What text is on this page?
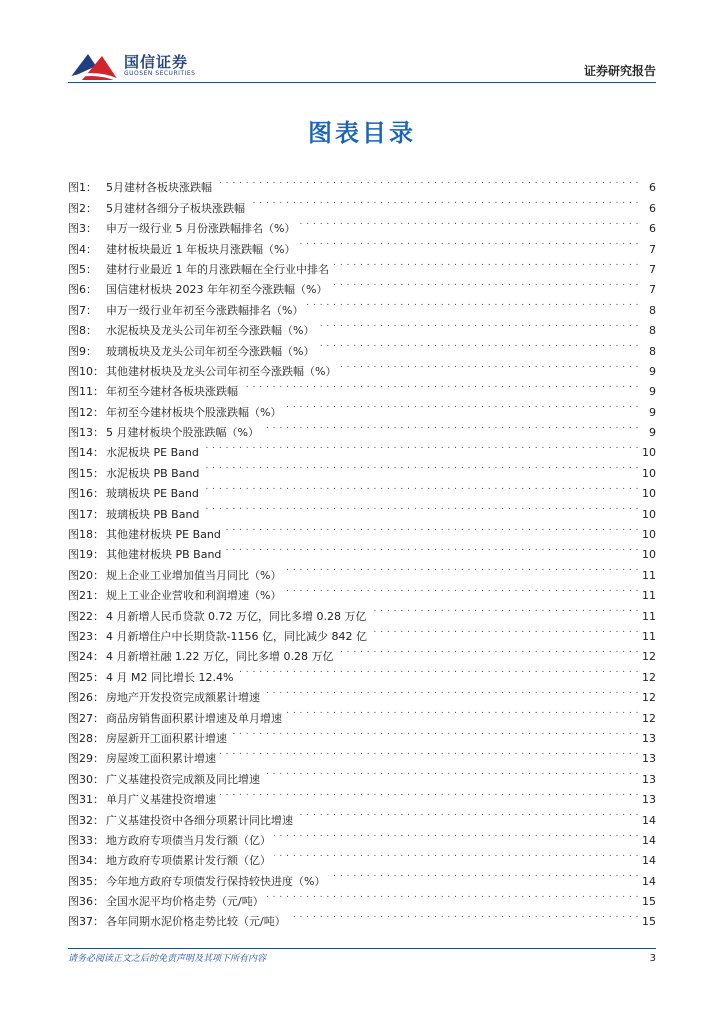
国信证券
GUOSEN SECURITIES	证券研究报告
图表目录
图1： 5月建材各板块涨跌幅 . . .	6
图2： 5月建材各细分子板块涨跌幅 . . .	6
图3： 申万一级行业 5 月份涨跌幅排名（%） . . .	6
图4： 建材板块最近 1 年板块月涨跌幅（%） . . .	7
图5： 建材行业最近 1 年的月涨跌幅在全行业中排名 . . .	7
图6： 国信建材板块 2023 年年初至今涨跌幅（%） . . .	7
图7： 申万一级行业年初至今涨跌幅排名（%） . . .	8
图8： 水泥板块及龙头公司年初至今涨跌幅（%） . . .	8
图9： 玻璃板块及龙头公司年初至今涨跌幅（%） . . .	8
图10： 其他建材板块及龙头公司年初至今涨跌幅（%） . . .	9
图11： 年初至今建材各板块涨跌幅 . . .	9
图12： 年初至今建材板块个股涨跌幅（%） . . .	9
图13： 5 月建材板块个股涨跌幅（%） . . .	9
图14： 水泥板块 PE Band . . .	10
图15： 水泥板块 PB Band . . .	10
图16： 玻璃板块 PE Band . . .	10
图17： 玻璃板块 PB Band . . .	10
图18： 其他建材板块 PE Band . . .	10
图19： 其他建材板块 PB Band . . .	10
图20： 规上企业工业增加值当月同比（%） . . .	11
图21： 规上工业企业营收和利润增速（%） . . .	11
图22： 4 月新增人民币贷款 0.72 万亿，同比多增 0.28 万亿 . . .	11
图23： 4 月新增住户中长期贷款-1156 亿，同比减少 842 亿 . . .	11
图24： 4 月新增社融 1.22 万亿，同比多增 0.28 万亿 . . .	12
图25： 4 月 M2 同比增长 12.4% . . .	12
图26： 房地产开发投资完成额累计增速 . . .	12
图27： 商品房销售面积累计增速及单月增速 . . .	12
图28： 房屋新开工面积累计增速 . . .	13
图29： 房屋竣工面积累计增速 . . .	13
图30： 广义基建投资完成额及同比增速 . . .	13
图31： 单月广义基建投资增速 . . .	13
图32： 广义基建投资中各细分项累计同比增速 . . .	14
图33： 地方政府专项债当月发行额（亿） . . .	14
图34： 地方政府专项债累计发行额（亿） . . .	14
图35： 今年地方政府专项债发行保持较快进度（%） . . .	14
图36： 全国水泥平均价格走势（元/吨） . . .	15
图37： 各年同期水泥价格走势比较（元/吨） . . .	15
请务必阅读正文之后的免责声明及其项下所有内容	3
